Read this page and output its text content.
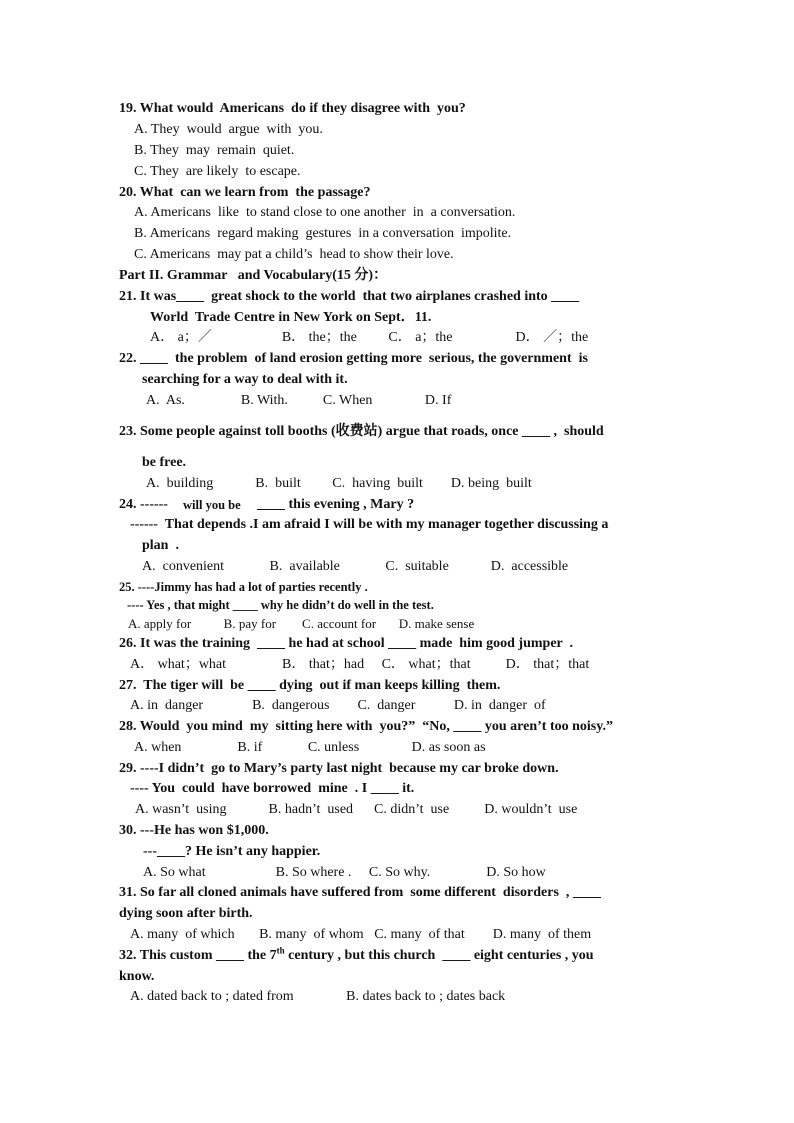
19. What would  Americans  do if they disagree with  you?
A. They  would  argue  with  you.
B. They  may  remain  quiet.
C. They  are likely  to escape.
20. What  can we learn from  the passage?
A. Americans  like  to stand close to one another  in  a conversation.
B. Americans  regard making  gestures  in a conversation  impolite.
C. Americans  may pat a child’s  head to show their love.
Part II. Grammar   and Vocabulary(15 分)：
21. It was____  great shock to the world  that two airplanes crashed into ____
World  Trade Centre in New York on Sept．11.
A． a；／                    B． the；the         C． a；the                  D． ／；the
22. ____  the problem  of land erosion getting more  serious, the government  is
searching for a way to deal with it.
A.  As.                B. With.          C. When               D. If
23. Some people against toll booths (收费站) argue that roads, once ____ ,  should
be free.
A.  building            B.  built         C.  having  built        D. being  built
24. ------ will you be ____ this evening , Mary ?
------  That depends .I am afraid I will be with my manager together discussing a
plan  .
A.  convenient             B.  available             C.  suitable            D.  accessible
25. ----Jimmy has had a lot of parties recently .
---- Yes , that might ____ why he didn’t do well in the test.
A. apply for          B. pay for        C. account for       D. make sense
26. It was the training  ____ he had at school ____ made  him good jumper  .
A． what；what                B． that；had     C． what；that          D． that；that
27.  The tiger will  be ____ dying  out if man keeps killing  them.
A. in  danger              B.  dangerous        C.  danger           D. in  danger  of
28. Would  you mind  my  sitting here with  you?”  “No, ____ you aren’t too noisy.”
A. when                B. if             C. unless               D. as soon as
29. ----I didn’t  go to Mary’s party last night  because my car broke down.
---- You  could  have borrowed  mine  . I ____ it.
A. wasn’t  using            B. hadn’t  used      C. didn’t  use          D. wouldn’t  use
30. ---He has won $1,000.
---____? He isn’t any happier.
A. So what                    B. So where .     C. So why.                D. So how
31. So far all cloned animals have suffered from  some different  disorders  , ____
dying soon after birth.
A. many  of which       B. many  of whom   C. many  of that        D. many  of them
32. This custom ____ the 7th century , but this church  ____ eight centuries , you
know.
A. dated back to ; dated from               B. dates back to ; dates back
